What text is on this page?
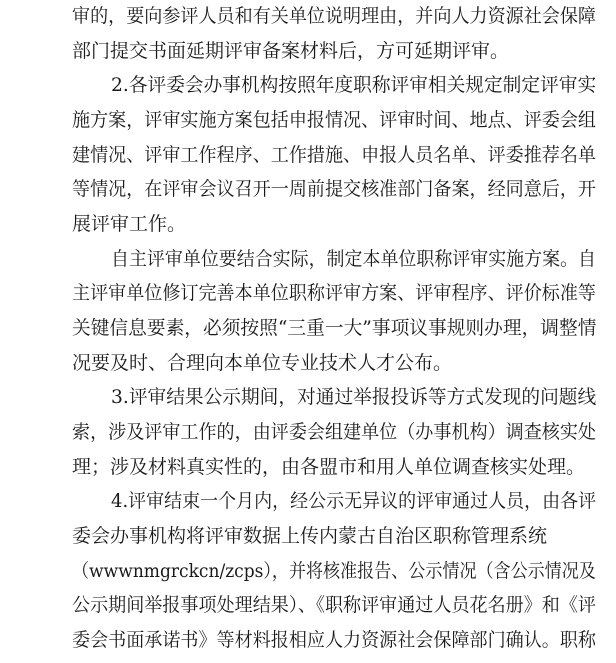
审的，要向参评人员和有关单位说明理由，并向人力资源社会保障
部门提交书面延期评审备案材料后，方可延期评审。
2.各评委会办事机构按照年度职称评审相关规定制定评审实
施方案，评审实施方案包括申报情况、评审时间、地点、评委会组
建情况、评审工作程序、工作措施、申报人员名单、评委推荐名单
等情况，在评审会议召开一周前提交核准部门备案，经同意后，开
展评审工作。
自主评审单位要结合实际，制定本单位职称评审实施方案。自
主评审单位修订完善本单位职称评审方案、评审程序、评价标准等
关键信息要素，必须按照“三重一大”事项议事规则办理，调整情
况要及时、合理向本单位专业技术人才公布。
3.评审结果公示期间，对通过举报投诉等方式发现的问题线
索，涉及评审工作的，由评委会组建单位（办事机构）调查核实处
理；涉及材料真实性的，由各盟市和用人单位调查核实处理。
4.评审结束一个月内，经公示无异议的评审通过人员，由各评
委会办事机构将评审数据上传内蒙古自治区职称管理系统
（wwwnmgrckcn/zcps），并将核准报告、公示情况（含公示情况及
公示期间举报事项处理结果）、《职称评审通过人员花名册》和《评
委会书面承诺书》等材料报相应人力资源社会保障部门确认。职称
